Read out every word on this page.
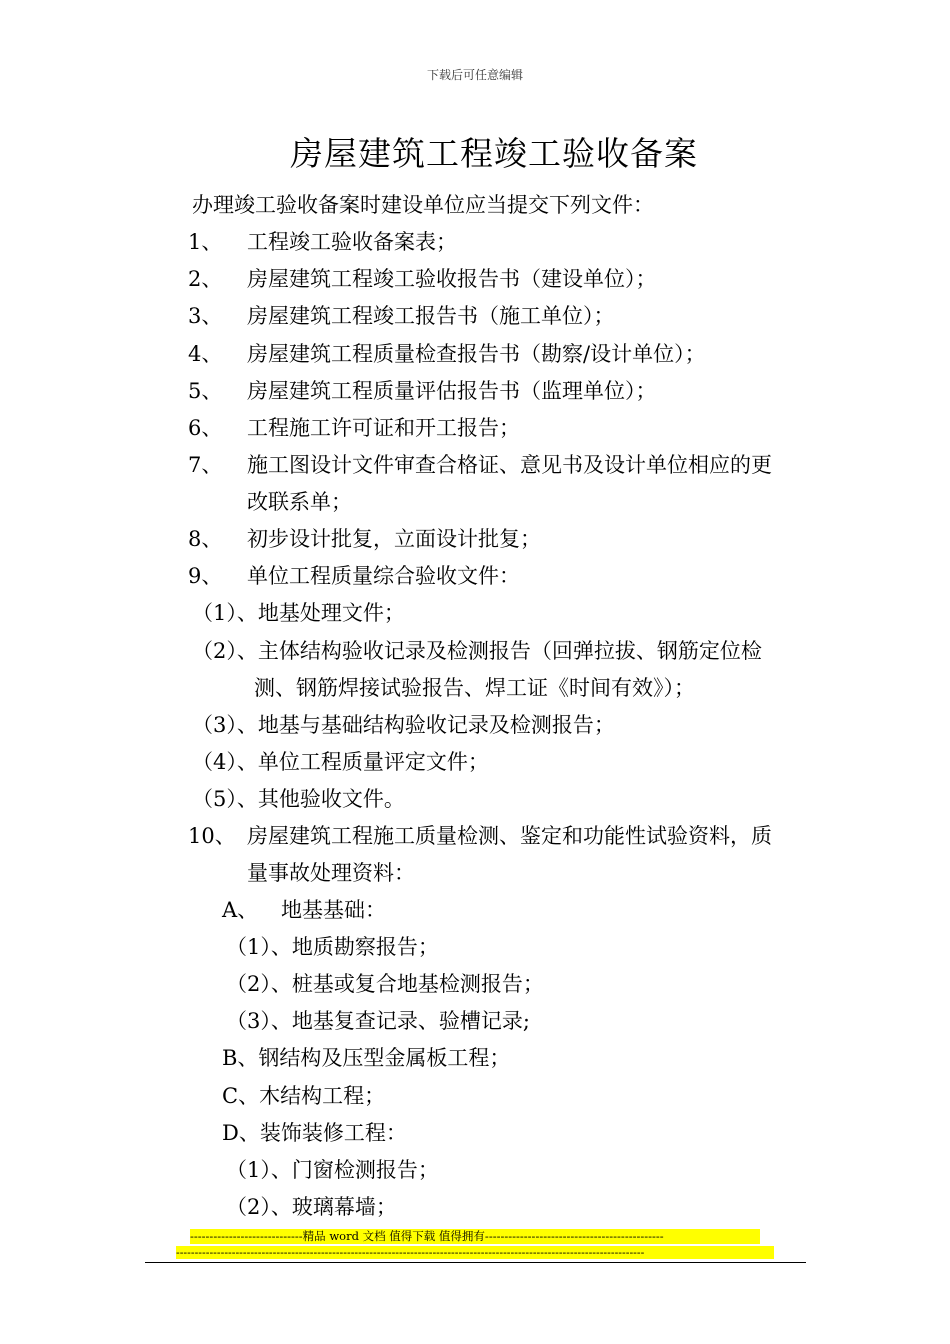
下载后可任意编辑
房屋建筑工程竣工验收备案
办理竣工验收备案时建设单位应当提交下列文件：
1、 工程竣工验收备案表；
2、 房屋建筑工程竣工验收报告书（建设单位）；
3、 房屋建筑工程竣工报告书（施工单位）；
4、 房屋建筑工程质量检查报告书（勘察/设计单位）；
5、 房屋建筑工程质量评估报告书（监理单位）；
6、 工程施工许可证和开工报告；
7、 施工图设计文件审查合格证、意见书及设计单位相应的更
改联系单；
8、 初步设计批复，立面设计批复；
9、 单位工程质量综合验收文件：
（1）、地基处理文件；
（2）、主体结构验收记录及检测报告（回弹拉拔、钢筋定位检
测、钢筋焊接试验报告、焊工证《时间有效》）；
（3）、地基与基础结构验收记录及检测报告；
（4）、单位工程质量评定文件；
（5）、其他验收文件。
10、 房屋建筑工程施工质量检测、鉴定和功能性试验资料，质
量事故处理资料：
A、 地基基础：
（1）、地质勘察报告；
（2）、桩基或复合地基检测报告；
（3）、地基复查记录、验槽记录;
B、钢结构及压型金属板工程；
C、木结构工程；
D、装饰装修工程：
（1）、门窗检测报告；
（2）、玻璃幕墙；
-----------------------------精品 word 文档 值得下载 值得拥有----------------------------------------------
------------------------------------------------------------------------------------------------------------------------------
